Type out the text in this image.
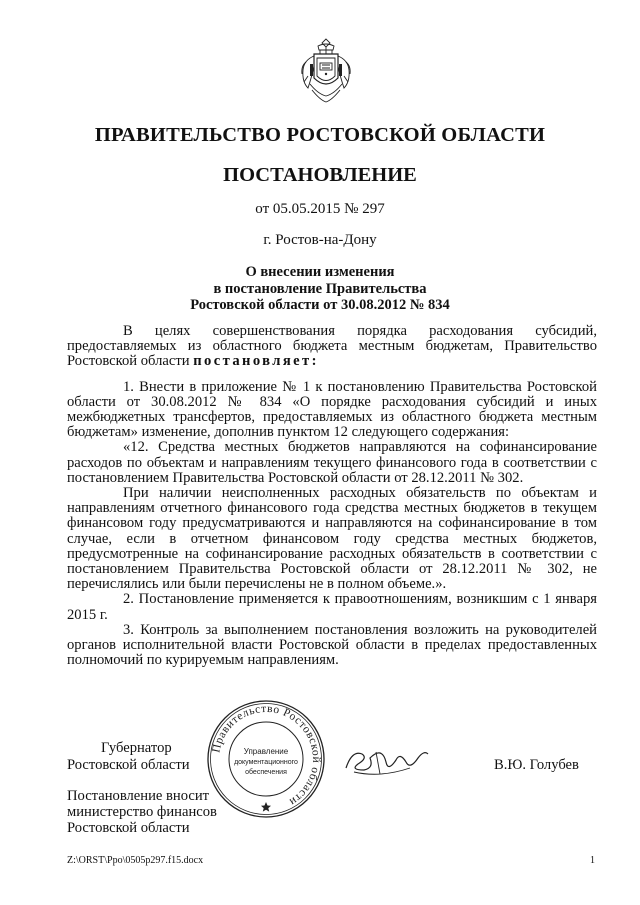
ПРАВИТЕЛЬСТВО РОСТОВСКОЙ ОБЛАСТИ
ПОСТАНОВЛЕНИЕ
от 05.05.2015 № 297
г. Ростов-на-Дону
О внесении изменения
в постановление Правительства
Ростовской области от 30.08.2012 № 834

В целях совершенствования порядка расходования субсидий, предоставляемых из областного бюджета местным бюджетам, Правительство Ростовской области постановляет:

1. Внести в приложение № 1 к постановлению Правительства Ростовской области от 30.08.2012 № 834 «О порядке расходования субсидий и иных межбюджетных трансфертов, предоставляемых из областного бюджета местным бюджетам» изменение, дополнив пунктом 12 следующего содержания:

«12. Средства местных бюджетов направляются на софинансирование расходов по объектам и направлениям текущего финансового года в соответствии с постановлением Правительства Ростовской области от 28.12.2011 № 302.

При наличии неисполненных расходных обязательств по объектам и направлениям отчетного финансового года средства местных бюджетов в текущем финансовом году предусматриваются и направляются на софинансирование в том случае, если в отчетном финансовом году средства местных бюджетов, предусмотренные на софинансирование расходных обязательств в соответствии с постановлением Правительства Ростовской области от 28.12.2011 № 302, не перечислялись или были перечислены не в полном объеме.».

2. Постановление применяется к правоотношениям, возникшим с 1 января 2015 г.

3. Контроль за выполнением постановления возложить на руководителей органов исполнительной власти Ростовской области в пределах предоставленных полномочий по курируемым направлениям.

Правительство Ростовской области
Управление
документационного
обеспечения
Губернатор
Ростовской области	В.Ю. Голубев
Постановление вносит
министерство финансов
Ростовской области
Z:\ORST\Ppo\0505p297.f15.docx	1
